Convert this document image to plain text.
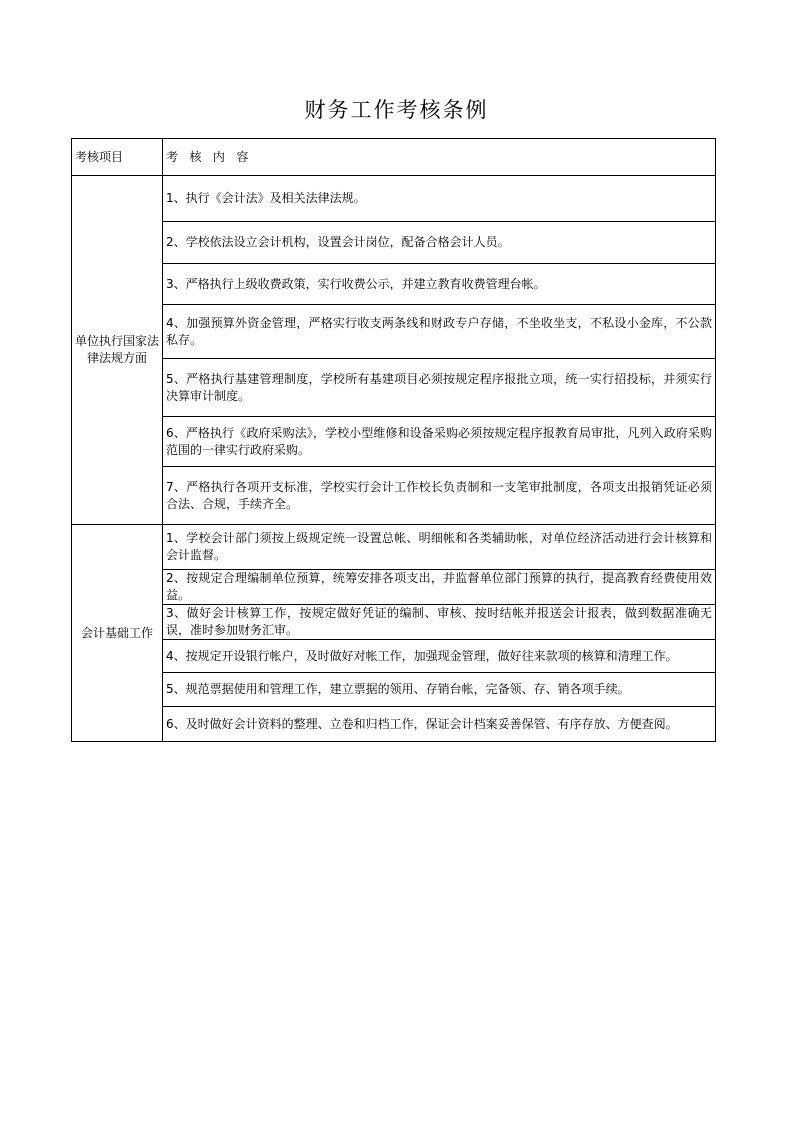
财务工作考核条例
考核项目	考   核   内   容
单位执行国家法律法规方面	1、执行《会计法》及相关法律法规。
	2、学校依法设立会计机构，设置会计岗位，配备合格会计人员。
	3、严格执行上级收费政策，实行收费公示，并建立教育收费管理台帐。
	4、加强预算外资金管理，严格实行收支两条线和财政专户存储，不坐收坐支，不私设小金库，不公款私存。
	5、严格执行基建管理制度，学校所有基建项目必须按规定程序报批立项，统一实行招投标，并须实行决算审计制度。
	6、严格执行《政府采购法》，学校小型维修和设备采购必须按规定程序报教育局审批，凡列入政府采购范围的一律实行政府采购。
	7、严格执行各项开支标准，学校实行会计工作校长负责制和一支笔审批制度，各项支出报销凭证必须合法、合规，手续齐全。
会计基础工作	1、学校会计部门须按上级规定统一设置总帐、明细帐和各类辅助帐，对单位经济活动进行会计核算和会计监督。
	2、按规定合理编制单位预算，统筹安排各项支出，并监督单位部门预算的执行，提高教育经费使用效益。
	3、做好会计核算工作，按规定做好凭证的编制、审核、按时结帐并报送会计报表，做到数据准确无误，准时参加财务汇审。
	4、按规定开设银行帐户，及时做好对帐工作，加强现金管理，做好往来款项的核算和清理工作。
	5、规范票据使用和管理工作，建立票据的领用、存销台帐，完备领、存、销各项手续。
	6、及时做好会计资料的整理、立卷和归档工作，保证会计档案妥善保管、有序存放、方便查阅。
